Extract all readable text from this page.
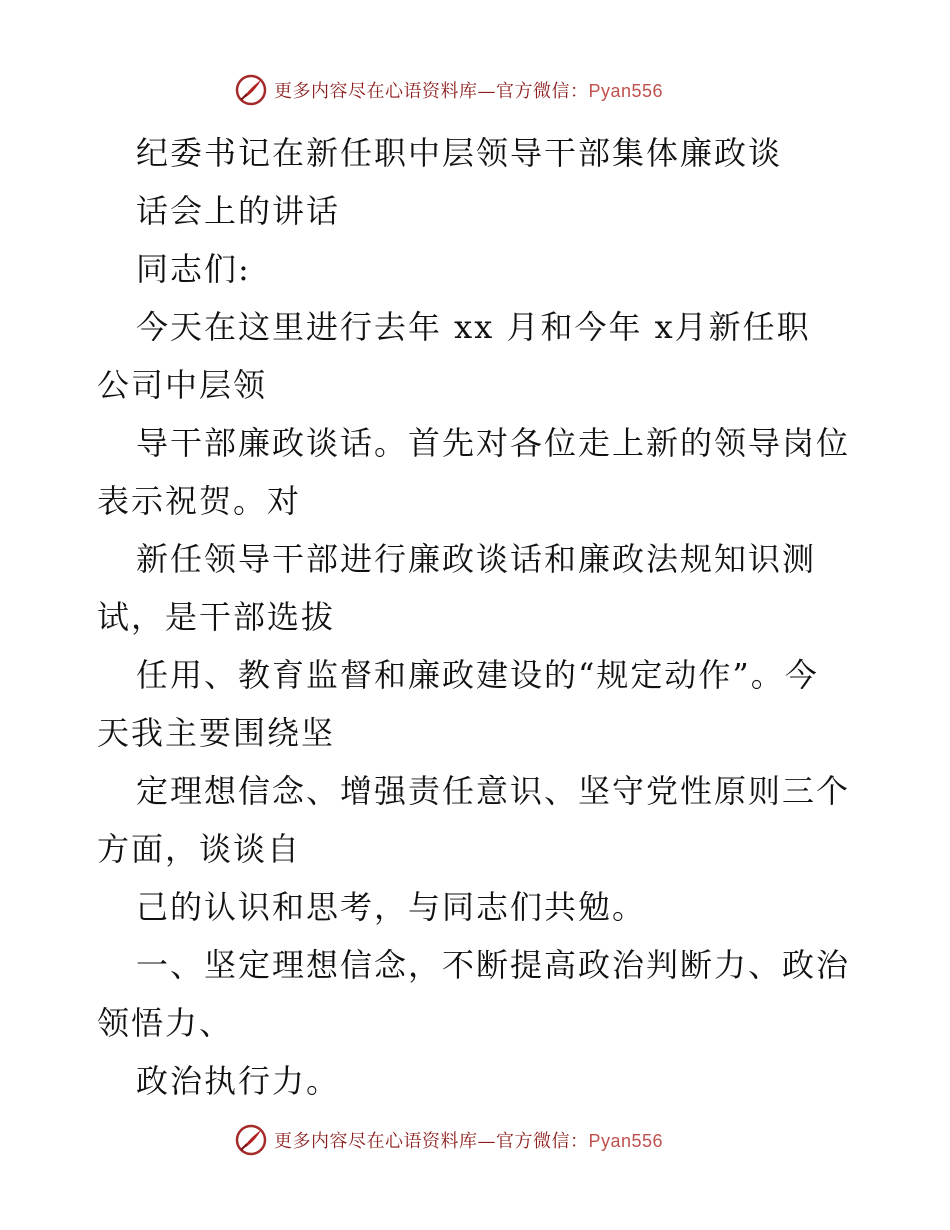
更多内容尽在心语资料库—官方微信：Pyan556
纪委书记在新任职中层领导干部集体廉政谈
话会上的讲话
同志们:
今天在这里进行去年 xx 月和今年 x月新任职
公司中层领
导干部廉政谈话。首先对各位走上新的领导岗位
表示祝贺。对
新任领导干部进行廉政谈话和廉政法规知识测
试，是干部选拔
任用、教育监督和廉政建设的“规定动作”。今
天我主要围绕坚
定理想信念、增强责任意识、坚守党性原则三个
方面，谈谈自
己的认识和思考，与同志们共勉。
一、坚定理想信念，不断提高政治判断力、政治
领悟力、
政治执行力。
更多内容尽在心语资料库—官方微信：Pyan556
